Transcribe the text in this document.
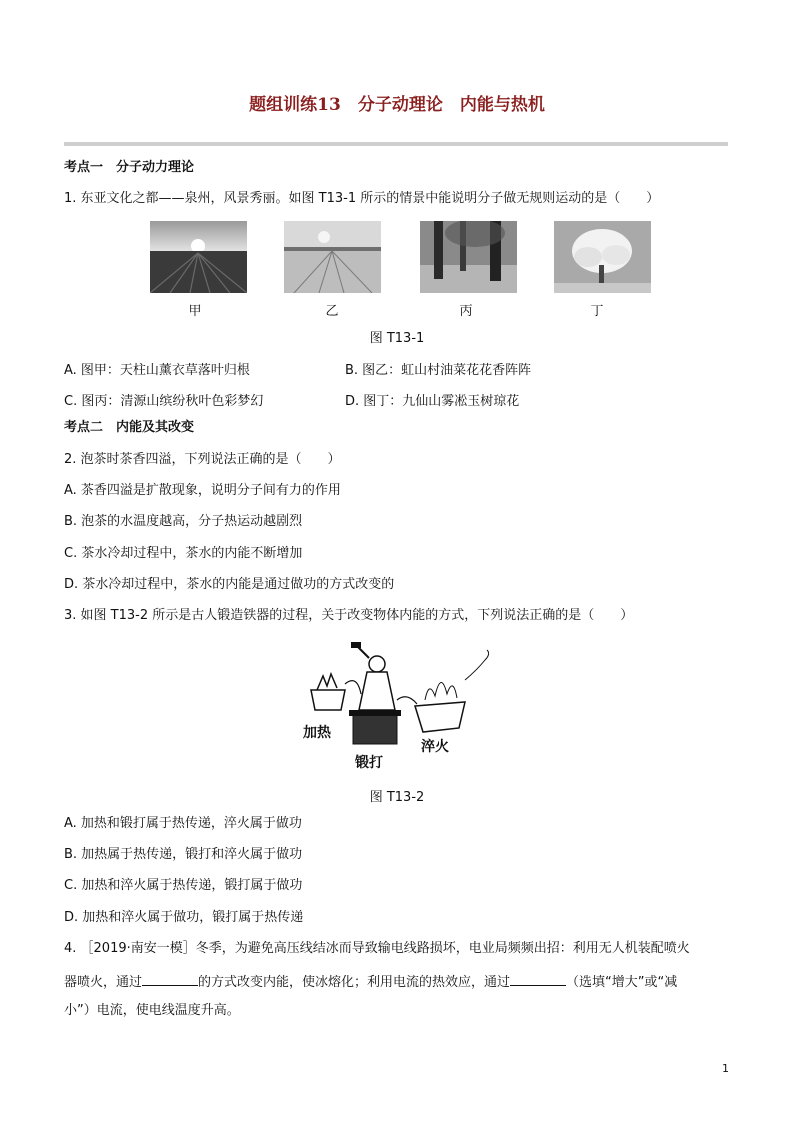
题组训练13　分子动理论　内能与热机
考点一　分子动力理论
1. 东亚文化之都——泉州，风景秀丽。如图 T13-1 所示的情景中能说明分子做无规则运动的是（　　）
甲	乙	丙	丁
图 T13-1
A. 图甲：天柱山薰衣草落叶归根	B. 图乙：虹山村油菜花花香阵阵
C. 图丙：清源山缤纷秋叶色彩梦幻	D. 图丁：九仙山雾凇玉树琼花
考点二　内能及其改变
2. 泡茶时茶香四溢，下列说法正确的是（　　）
A. 茶香四溢是扩散现象，说明分子间有力的作用
B. 泡茶的水温度越高，分子热运动越剧烈
C. 茶水冷却过程中，茶水的内能不断增加
D. 茶水冷却过程中，茶水的内能是通过做功的方式改变的
3. 如图 T13-2 所示是古人锻造铁器的过程，关于改变物体内能的方式，下列说法正确的是（　　）
加热
锻打
淬火
图 T13-2
A. 加热和锻打属于热传递，淬火属于做功
B. 加热属于热传递，锻打和淬火属于做功
C. 加热和淬火属于热传递，锻打属于做功
D. 加热和淬火属于做功，锻打属于热传递
4. ［2019·南安一模］冬季，为避免高压线结冰而导致输电线路损坏，电业局频频出招：利用无人机装配喷火
器喷火，通过	的方式改变内能，使冰熔化；利用电流的热效应，通过	（选填“增大”或“减
小”）电流，使电线温度升高。
1
